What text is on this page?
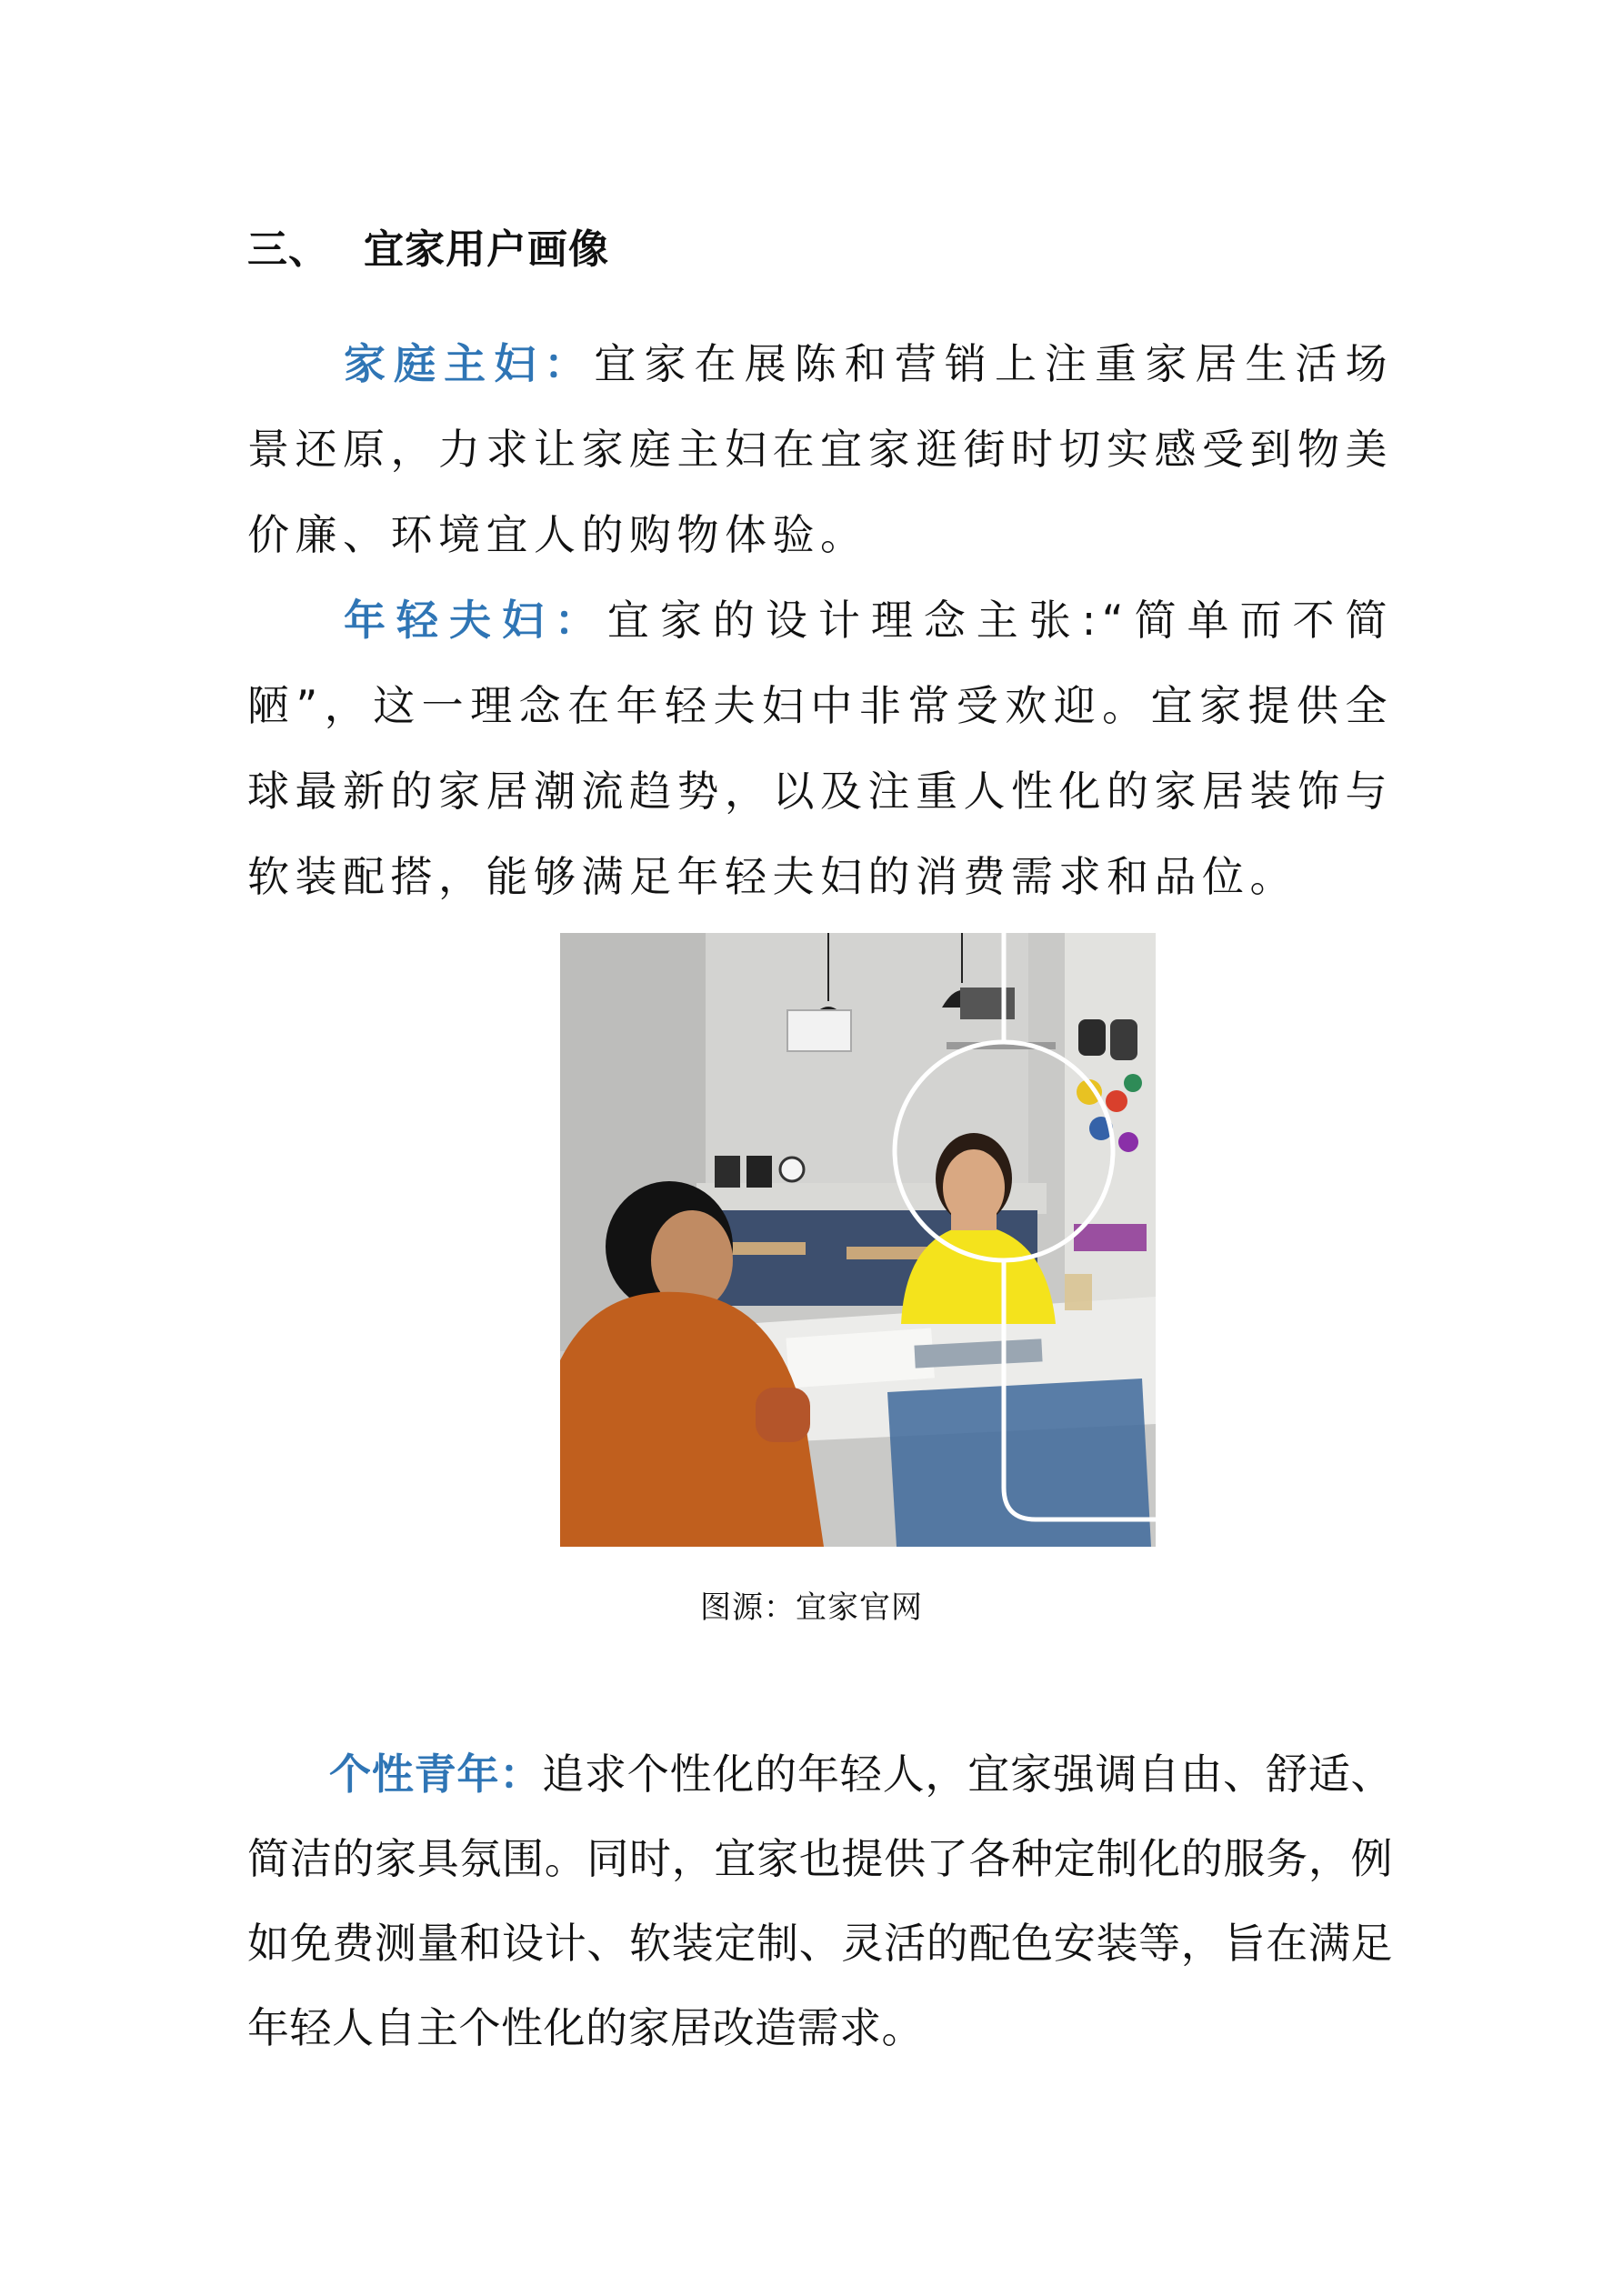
三、 宜家用户画像

家庭主妇：宜家在展陈和营销上注重家居生活场景还原，力求让家庭主妇在宜家逛街时切实感受到物美价廉、环境宜人的购物体验。

年轻夫妇：宜家的设计理念主张:“简单而不简陋”，这一理念在年轻夫妇中非常受欢迎。宜家提供全球最新的家居潮流趋势，以及注重人性化的家居装饰与软装配搭，能够满足年轻夫妇的消费需求和品位。

图源：宜家官网

个性青年：追求个性化的年轻人，宜家强调自由、舒适、简洁的家具氛围。同时，宜家也提供了各种定制化的服务，例如免费测量和设计、软装定制、灵活的配色安装等，旨在满足年轻人自主个性化的家居改造需求。
